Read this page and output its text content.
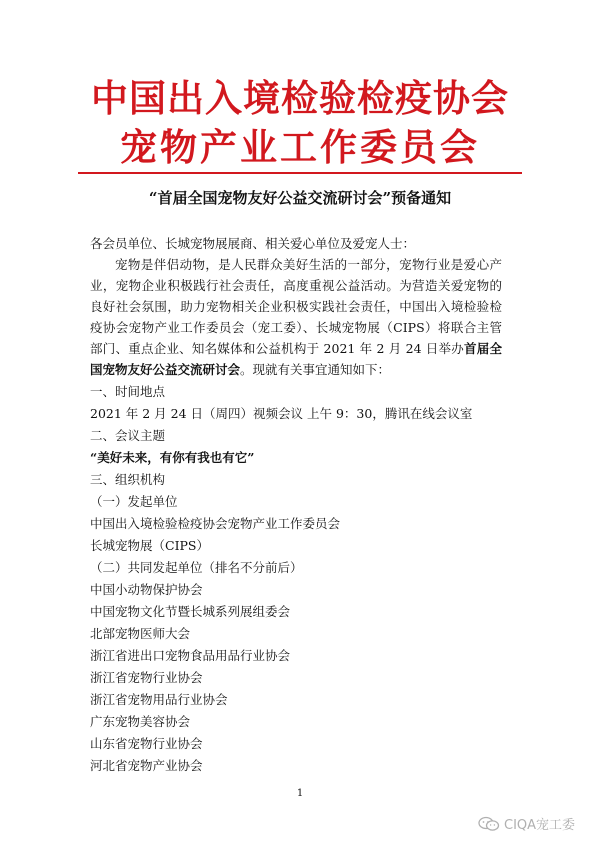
中国出入境检验检疫协会
宠物产业工作委员会
“首届全国宠物友好公益交流研讨会”预备通知
各会员单位、长城宠物展展商、相关爱心单位及爱宠人士：
宠物是伴侣动物，是人民群众美好生活的一部分，宠物行业是爱心产业，宠物企业积极践行社会责任，高度重视公益活动。为营造关爱宠物的良好社会氛围，助力宠物相关企业积极实践社会责任，中国出入境检验检疫协会宠物产业工作委员会（宠工委）、长城宠物展（CIPS）将联合主管部门、重点企业、知名媒体和公益机构于 2021 年 2 月 24 日举办首届全国宠物友好公益交流研讨会。现就有关事宜通知如下：
一、时间地点
2021 年 2 月 24 日（周四）视频会议 上午 9：30，腾讯在线会议室
二、会议主题
“美好未来，有你有我也有它”
三、组织机构
（一）发起单位
中国出入境检验检疫协会宠物产业工作委员会
长城宠物展（CIPS）
（二）共同发起单位（排名不分前后）
中国小动物保护协会
中国宠物文化节暨长城系列展组委会
北部宠物医师大会
浙江省进出口宠物食品用品行业协会
浙江省宠物行业协会
浙江省宠物用品行业协会
广东宠物美容协会
山东省宠物行业协会
河北省宠物产业协会
1
CIQA宠工委
